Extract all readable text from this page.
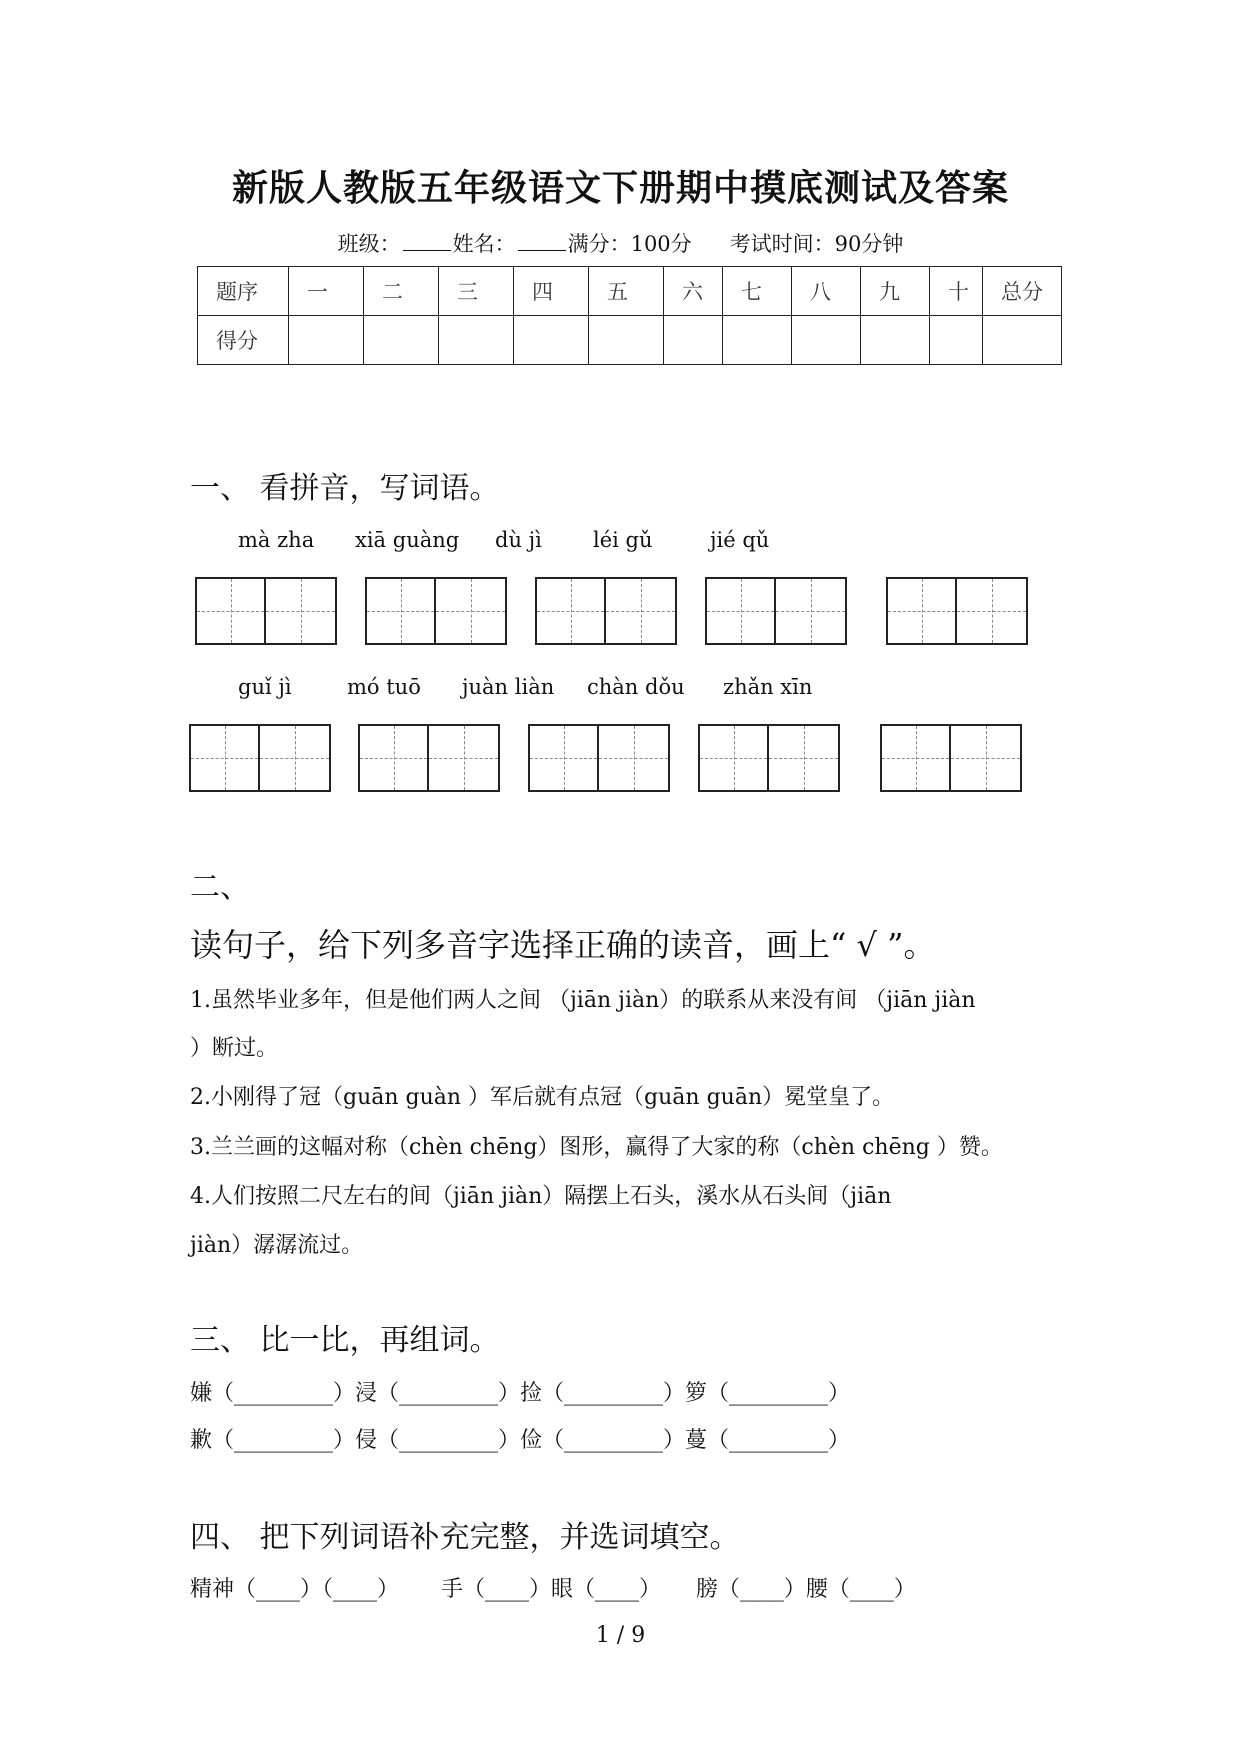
新版人教版五年级语文下册期中摸底测试及答案
班级： 姓名： 满分：100分 考试时间：90分钟
题序	一	二	三	四	五	六	七	八	九	十	总分
得分											
一、 看拼音，写词语。
mà zha xiā guàng dù jì léi gǔ	jié qǔ
guǐ jì	mó tuō juàn liàn chàn dǒu zhǎn xīn
二、
读句子，给下列多音字选择正确的读音，画上“ √ ”。
1.虽然毕业多年，但是他们两人之间 （jiān jiàn）的联系从来没有间 （jiān jiàn
）断过。
2.小刚得了冠（guān guàn ）军后就有点冠（guān guān）冕堂皇了。
3.兰兰画的这幅对称（chèn chēng）图形，赢得了大家的称（chèn chēng ）赞。
4.人们按照二尺左右的间（jiān jiàn）隔摆上石头，溪水从石头间（jiān
jiàn）潺潺流过。
三、 比一比，再组词。
嫌（_________）浸（_________）捡（_________）箩（_________）
歉（_________）侵（_________）俭（_________）蔓（_________）
四、 把下列词语补充完整，并选词填空。
精神（____）（____）      手（____）眼（____）     膀（____）腰（____）
1 / 9
